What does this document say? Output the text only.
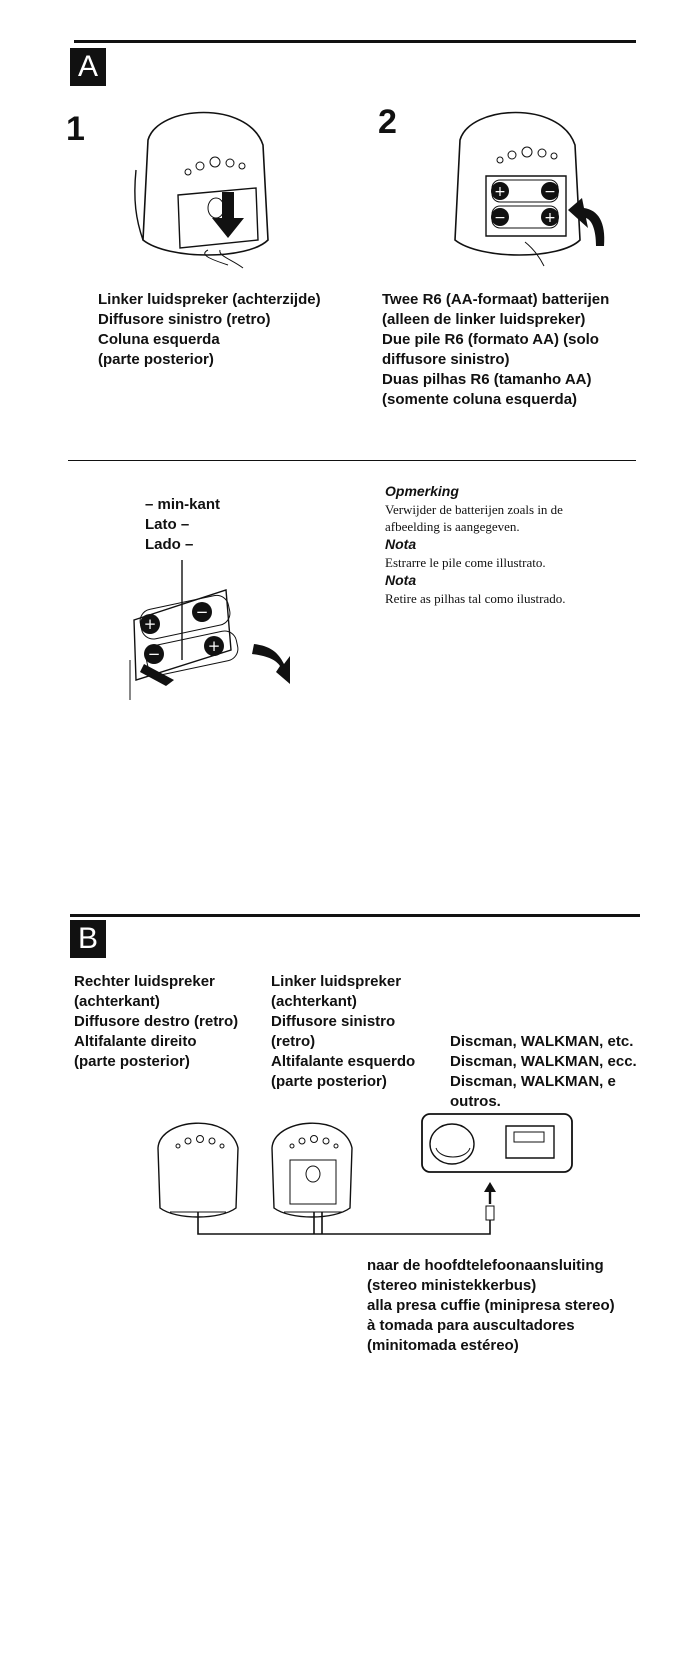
A
1	2
+	−
−	+
Linker luidspreker (achterzijde)
Diffusore sinistro (retro)
Coluna esquerda
(parte posterior)
Twee R6 (AA-formaat) batterijen
(alleen de linker luidspreker)
Due pile R6 (formato AA) (solo
diffusore sinistro)
Duas pilhas R6 (tamanho AA)
(somente coluna esquerda)
– min-kant
Lato –
Lado –
+
−
−	+
Opmerking
Verwijder de batterijen zoals in de
afbeelding is aangegeven.
Nota
Estrarre le pile come illustrato.
Nota
Retire as pilhas tal como ilustrado.
B
Rechter luidspreker
(achterkant)
Diffusore destro (retro)
Altifalante direito
(parte posterior)
Linker luidspreker
(achterkant)
Diffusore sinistro
(retro)
Altifalante esquerdo
(parte posterior)
Discman, WALKMAN, etc.
Discman, WALKMAN, ecc.
Discman, WALKMAN, e
outros.
naar de hoofdtelefoonaansluiting
(stereo ministekkerbus)
alla presa cuffie (minipresa stereo)
à tomada para auscultadores
(minitomada estéreo)
